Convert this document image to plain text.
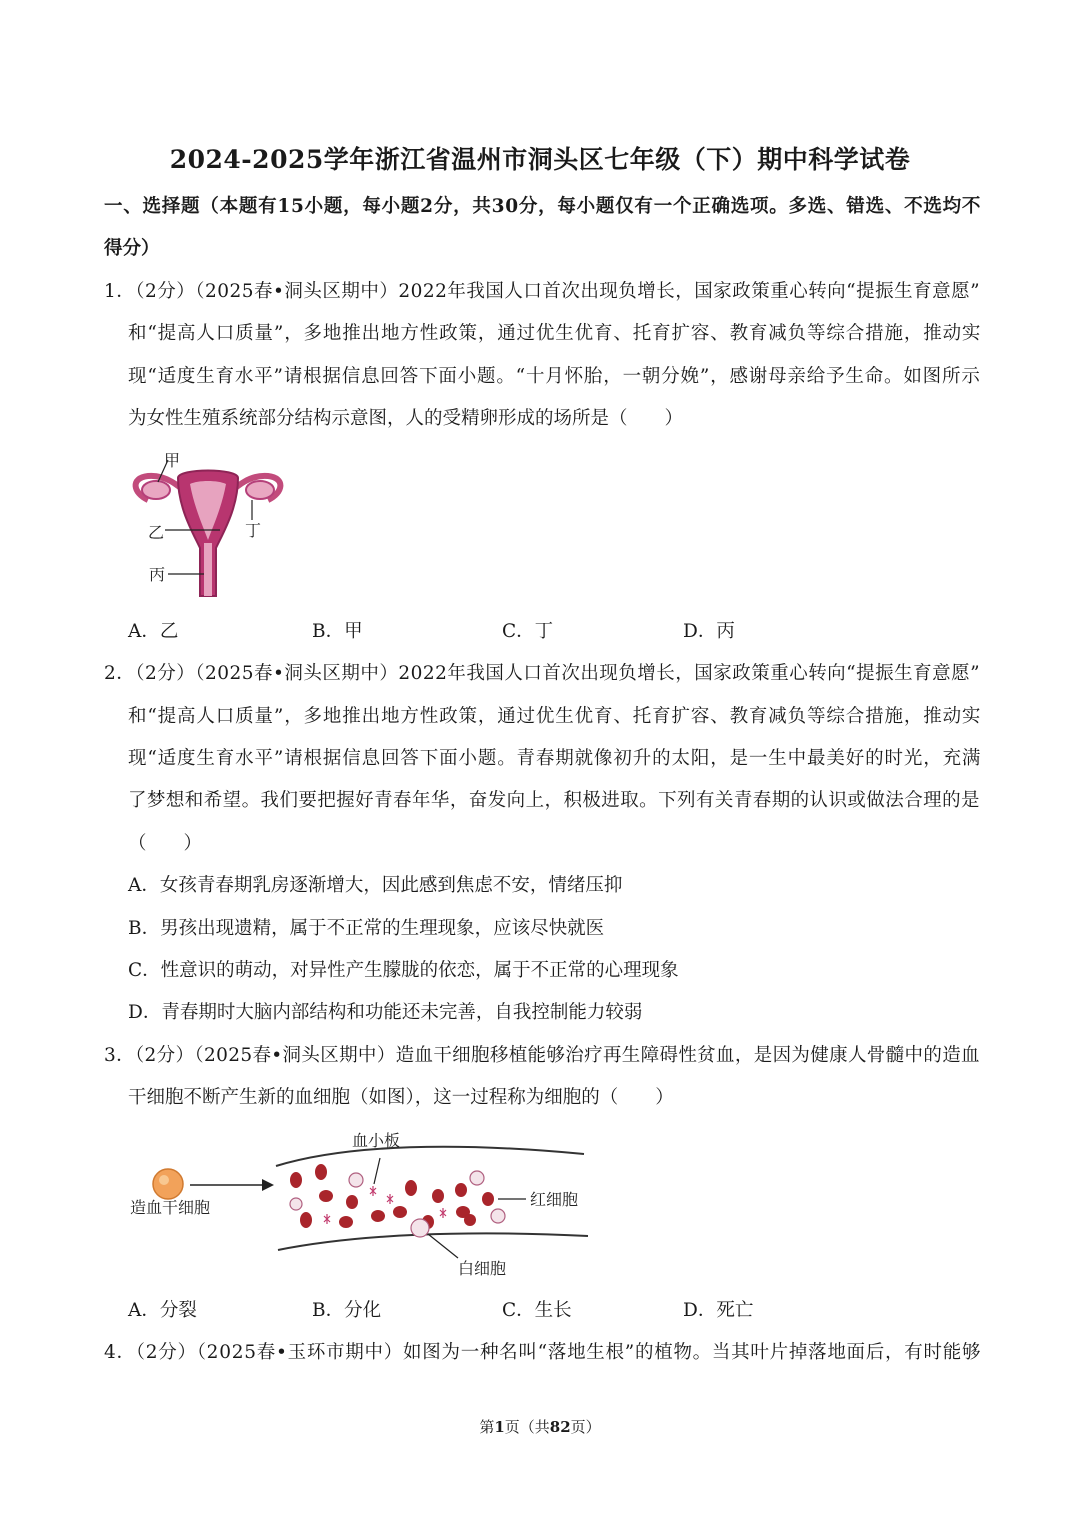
2024-2025学年浙江省温州市洞头区七年级（下）期中科学试卷
一、选择题（本题有15小题，每小题2分，共30分，每小题仅有一个正确选项。多选、错选、不选均不
得分）
1．（2分）（2025春•洞头区期中）2022年我国人口首次出现负增长，国家政策重心转向“提振生育意愿”
和“提高人口质量”，多地推出地方性政策，通过优生优育、托育扩容、教育减负等综合措施，推动实
现“适度生育水平”请根据信息回答下面小题。“十月怀胎，一朝分娩”，感谢母亲给予生命。如图所示
为女性生殖系统部分结构示意图，人的受精卵形成的场所是（　　）
甲
乙	丁
丙
A．乙	B．甲	C．丁	D．丙
2．（2分）（2025春•洞头区期中）2022年我国人口首次出现负增长，国家政策重心转向“提振生育意愿”
和“提高人口质量”，多地推出地方性政策，通过优生优育、托育扩容、教育减负等综合措施，推动实
现“适度生育水平”请根据信息回答下面小题。青春期就像初升的太阳，是一生中最美好的时光，充满
了梦想和希望。我们要把握好青春年华，奋发向上，积极进取。下列有关青春期的认识或做法合理的是
（　　）
A．女孩青春期乳房逐渐增大，因此感到焦虑不安，情绪压抑
B．男孩出现遗精，属于不正常的生理现象，应该尽快就医
C．性意识的萌动，对异性产生朦胧的依恋，属于不正常的心理现象
D．青春期时大脑内部结构和功能还未完善，自我控制能力较弱
3．（2分）（2025春•洞头区期中）造血干细胞移植能够治疗再生障碍性贫血，是因为健康人骨髓中的造血
干细胞不断产生新的血细胞（如图），这一过程称为细胞的（　　）
血小板
造血干细胞	红细胞
白细胞
A．分裂	B．分化	C．生长	D．死亡
4．（2分）（2025春•玉环市期中）如图为一种名叫“落地生根”的植物。当其叶片掉落地面后，有时能够
第1页（共82页）
